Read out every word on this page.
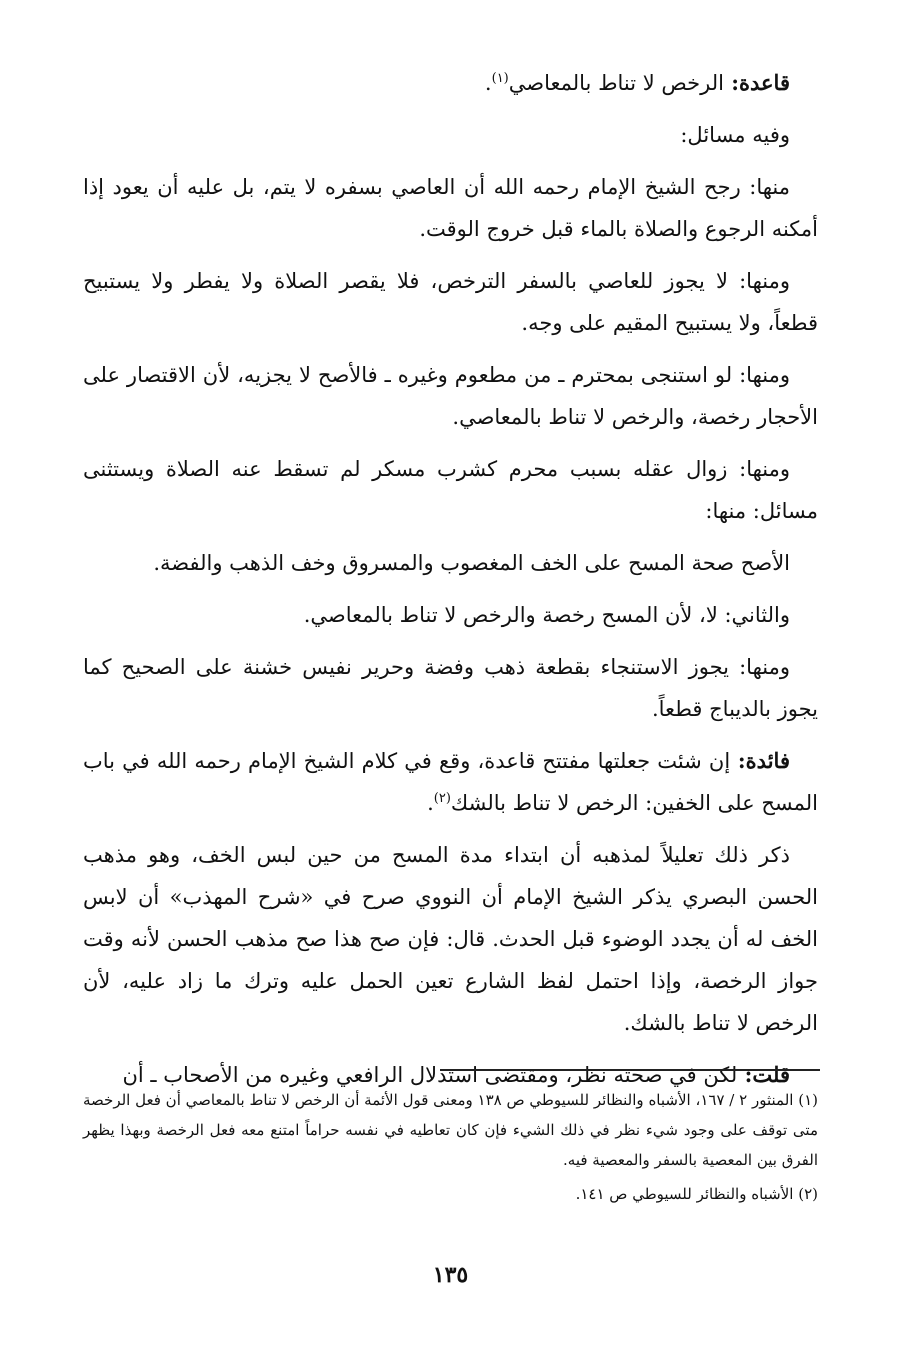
قاعدة: الرخص لا تناط بالمعاصي$^{(١)}$.

وفيه مسائل:

منها: رجح الشيخ الإمام رحمه الله أن العاصي بسفره لا يتم، بل عليه أن يعود إذا أمكنه الرجوع والصلاة بالماء قبل خروج الوقت.

ومنها: لا يجوز للعاصي بالسفر الترخص، فلا يقصر الصلاة ولا يفطر ولا يستبيح قطعاً، ولا يستبيح المقيم على وجه.

ومنها: لو استنجى بمحترم ـ من مطعوم وغيره ـ فالأصح لا يجزيه، لأن الاقتصار على الأحجار رخصة، والرخص لا تناط بالمعاصي.

ومنها: زوال عقله بسبب محرم كشرب مسكر لم تسقط عنه الصلاة ويستثنى مسائل: منها:

الأصح صحة المسح على الخف المغصوب والمسروق وخف الذهب والفضة.

والثاني: لا، لأن المسح رخصة والرخص لا تناط بالمعاصي.

ومنها: يجوز الاستنجاء بقطعة ذهب وفضة وحرير نفيس خشنة على الصحيح كما يجوز بالديباج قطعاً.

فائدة: إن شئت جعلتها مفتتح قاعدة، وقع في كلام الشيخ الإمام رحمه الله في باب المسح على الخفين: الرخص لا تناط بالشك$^{(٢)}$.

ذكر ذلك تعليلاً لمذهبه أن ابتداء مدة المسح من حين لبس الخف، وهو مذهب الحسن البصري يذكر الشيخ الإمام أن النووي صرح في «شرح المهذب» أن لابس الخف له أن يجدد الوضوء قبل الحدث. قال: فإن صح هذا صح مذهب الحسن لأنه وقت جواز الرخصة، وإذا احتمل لفظ الشارع تعين الحمل عليه وترك ما زاد عليه، لأن الرخص لا تناط بالشك.

قلت: لكن في صحته نظر، ومقتضى استدلال الرافعي وغيره من الأصحاب ـ أن

(١) المنثور ٢ / ١٦٧، الأشباه والنظائر للسيوطي ص ١٣٨ ومعنى قول الأئمة أن الرخص لا تناط بالمعاصي أن فعل الرخصة متى توقف على وجود شيء نظر في ذلك الشيء فإن كان تعاطيه في نفسه حراماً امتنع معه فعل الرخصة وبهذا يظهر الفرق بين المعصية بالسفر والمعصية فيه.

(٢) الأشباه والنظائر للسيوطي ص ١٤١.

١٣٥
